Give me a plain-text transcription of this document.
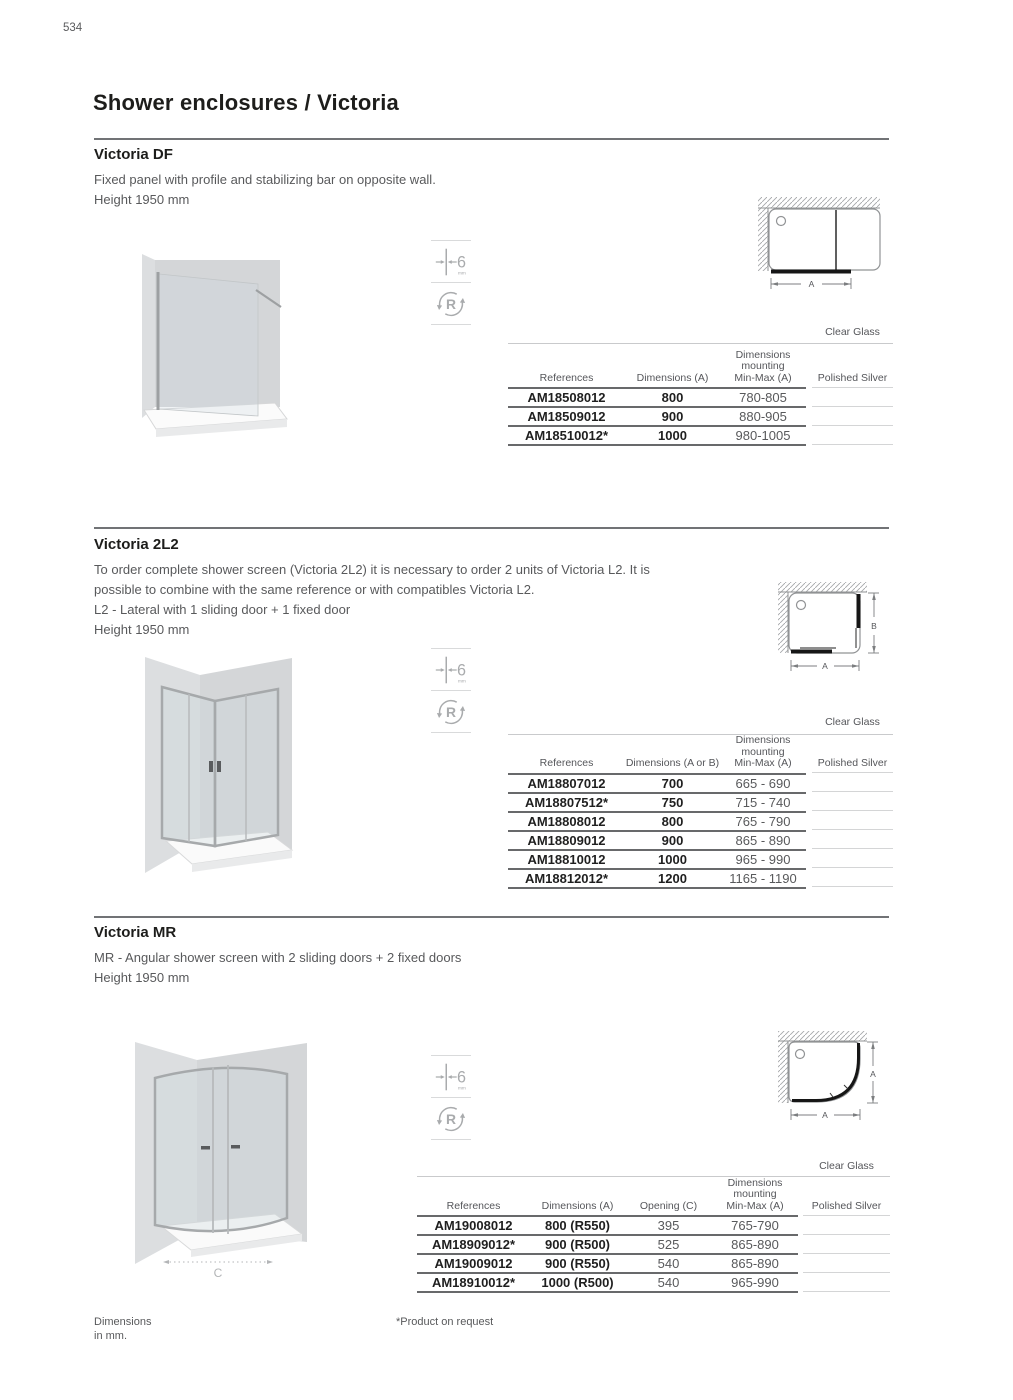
534
Shower enclosures / Victoria
Victoria DF
Fixed panel with profile and stabilizing bar on opposite wall.
Height 1950 mm
6
mm
R
A
Clear Glass
References	Dimensions (A)	Dimensions
mounting
Min-Max (A)

AM18508012	800	780-805
AM18509012	900	880-905
AM18510012*	1000	980-1005
Polished Silver
Victoria 2L2
To order complete shower screen (Victoria 2L2) it is necessary to order 2 units of Victoria L2. It is
possible to combine with the same reference or with compatibles Victoria L2.
L2 - Lateral with 1 sliding door + 1 fixed door
Height 1950 mm
6
mm
R
B
A
Clear Glass
References	Dimensions (A or B)	Dimensions
mounting
Min-Max (A)

AM18807012	700	665 - 690
AM18807512*	750	715 - 740
AM18808012	800	765 - 790
AM18809012	900	865 - 890
AM18810012	1000	965 - 990
AM18812012*	1200	1165 - 1190
Polished Silver
Victoria MR
MR - Angular shower screen with 2 sliding doors + 2 fixed doors
Height 1950 mm
C
6
mm
R
A
A
Clear Glass
References	Dimensions (A)	Opening (C)	Dimensions
mounting
Min-Max (A)

AM19008012	800 (R550)	395	765-790
AM18909012*	900 (R500)	525	865-890
AM19009012	900 (R550)	540	865-890
AM18910012*	1000 (R500)	540	965-990
Polished Silver
Dimensions
in mm.
*Product on request
